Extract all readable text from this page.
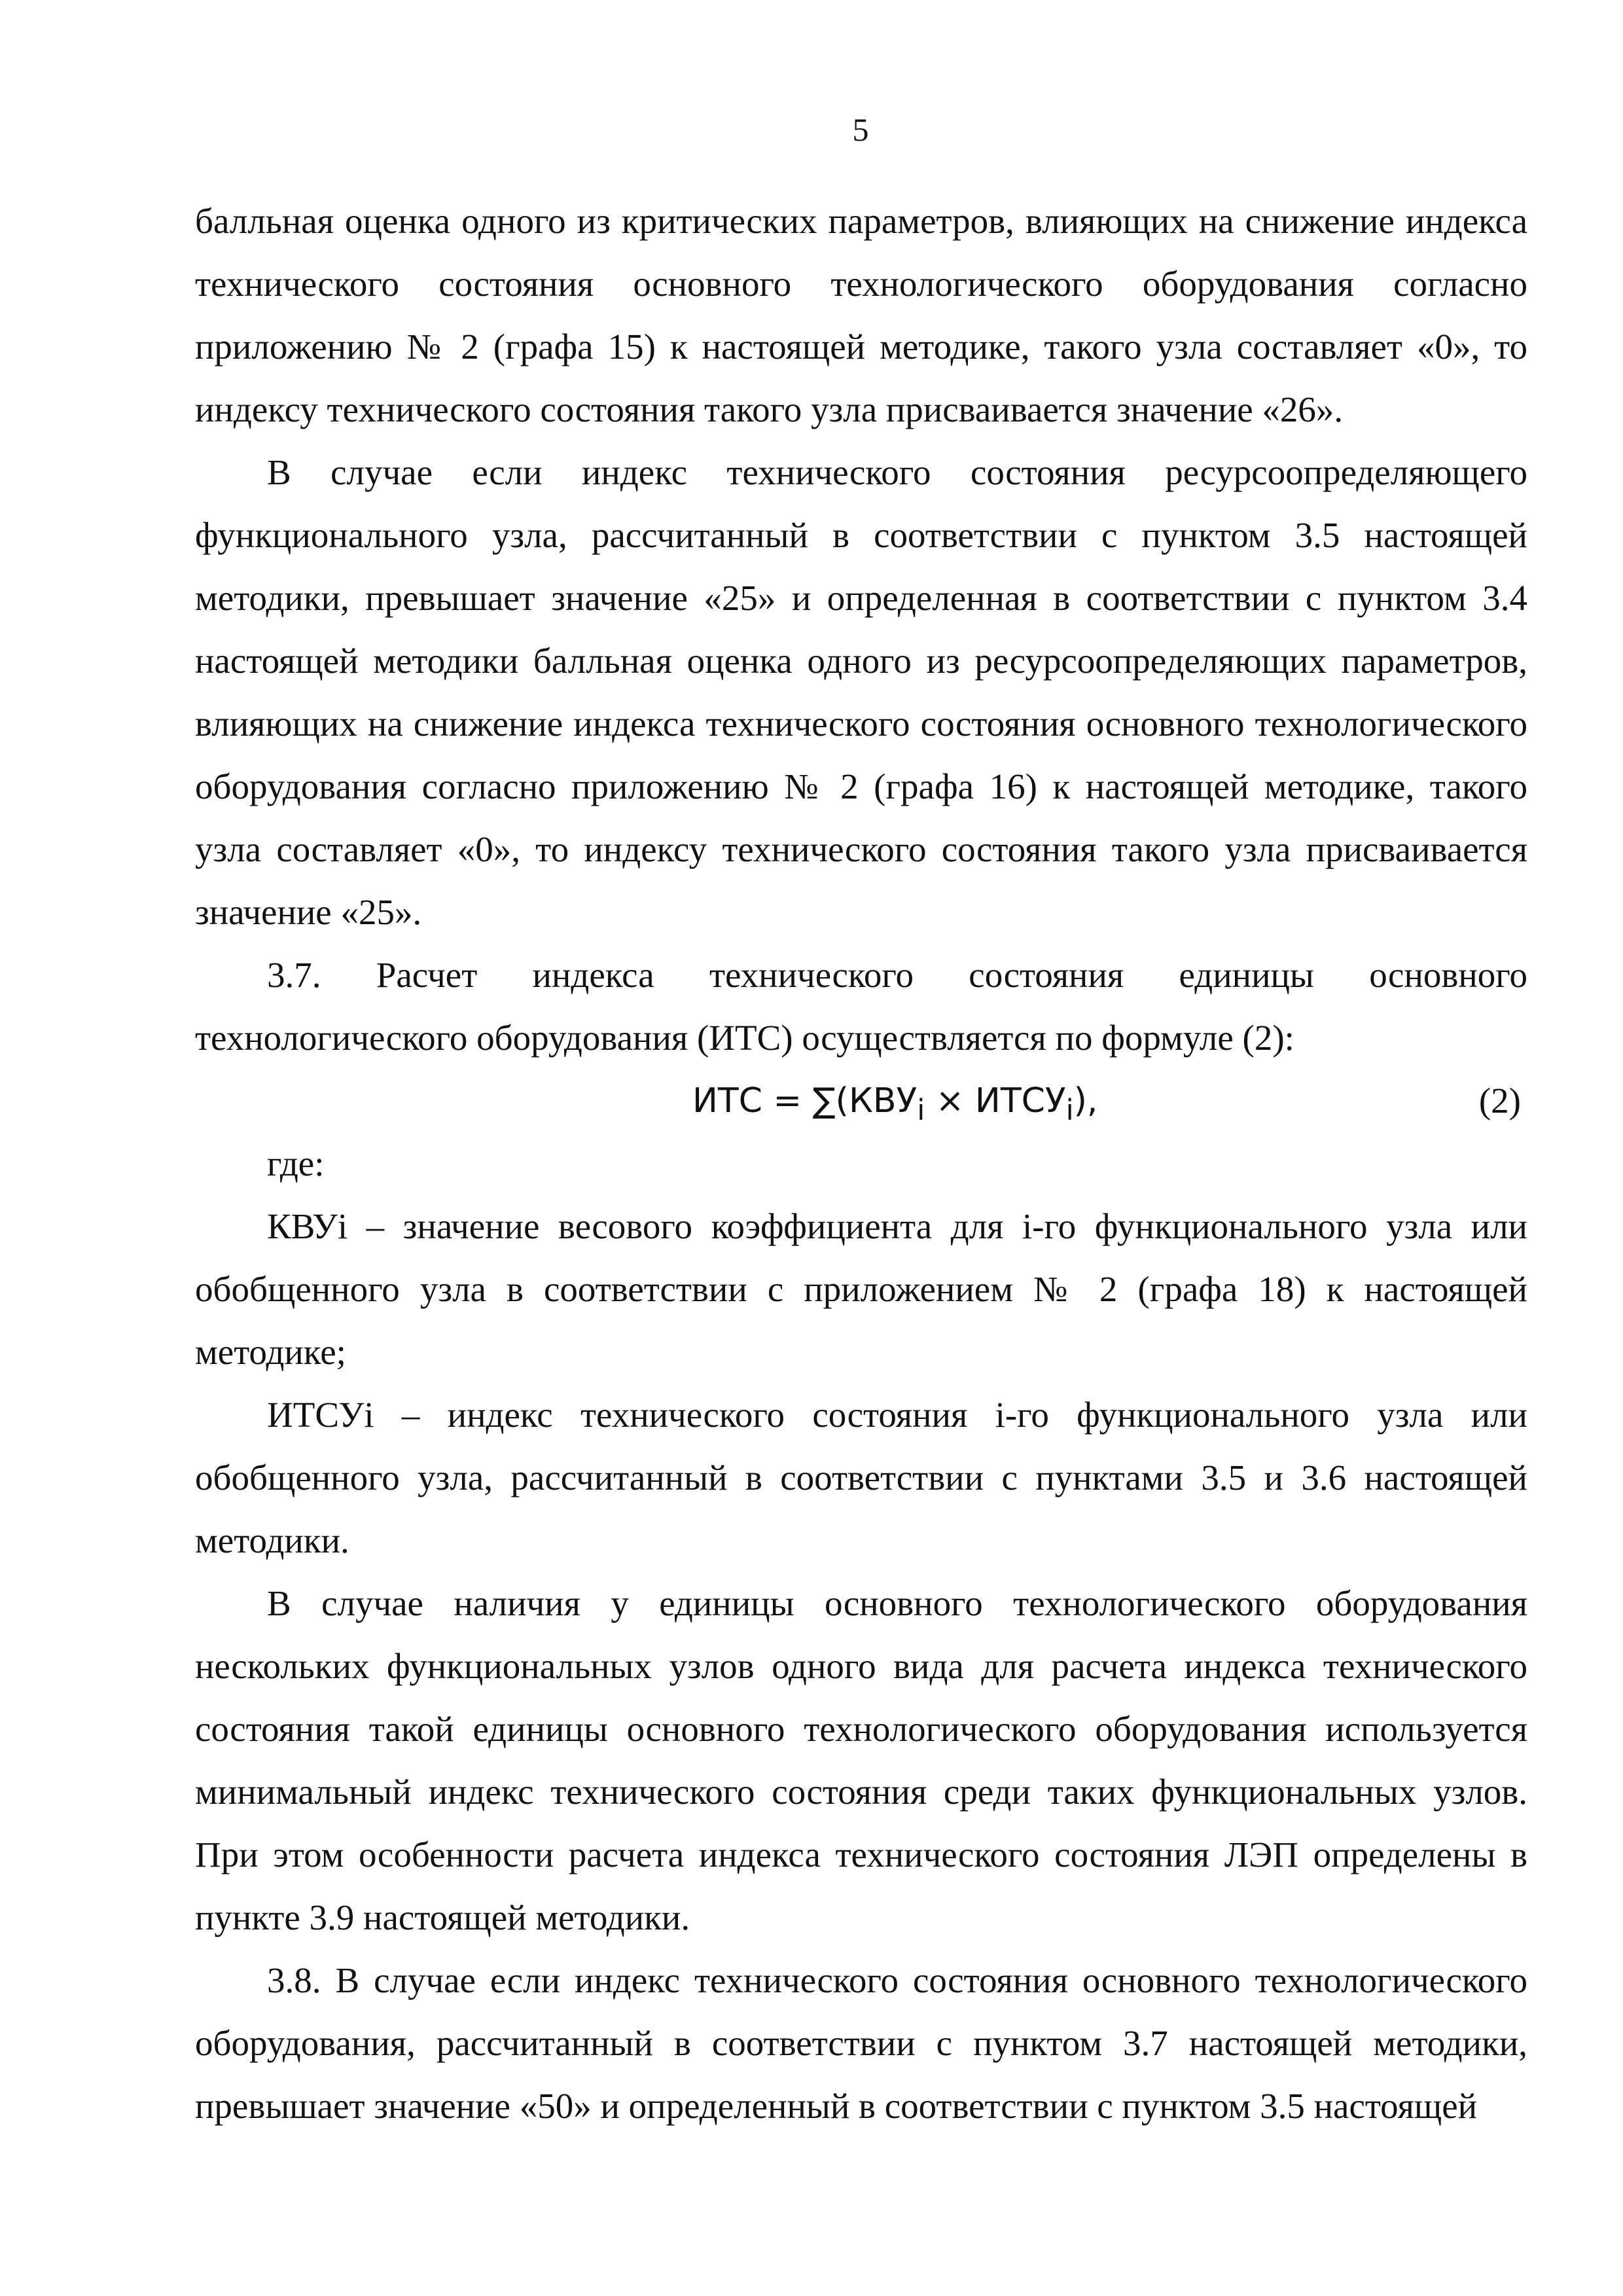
5

балльная оценка одного из критических параметров, влияющих на снижение индекса технического состояния основного технологического оборудования согласно приложению № 2 (графа 15) к настоящей методике, такого узла составляет «0», то индексу технического состояния такого узла присваивается значение «26».

В случае если индекс технического состояния ресурсоопределяющего функционального узла, рассчитанный в соответствии с пунктом 3.5 настоящей методики, превышает значение «25» и определенная в соответствии с пунктом 3.4 настоящей методики балльная оценка одного из ресурсоопределяющих параметров, влияющих на снижение индекса технического состояния основного технологического оборудования согласно приложению № 2 (графа 16) к настоящей методике, такого узла составляет «0», то индексу технического состояния такого узла присваивается значение «25».

3.7. Расчет индекса технического состояния единицы основного технологического оборудования (ИТС) осуществляется по формуле (2):

ИТС = $\sum(КВУ_i$ × $ИТСУ_i$),	(2)

где:

КВУi – значение весового коэффициента для i-го функционального узла или обобщенного узла в соответствии с приложением № 2 (графа 18) к настоящей методике;

ИТСУi – индекс технического состояния i-го функционального узла или обобщенного узла, рассчитанный в соответствии с пунктами 3.5 и 3.6 настоящей методики.

В случае наличия у единицы основного технологического оборудования нескольких функциональных узлов одного вида для расчета индекса технического состояния такой единицы основного технологического оборудования используется минимальный индекс технического состояния среди таких функциональных узлов. При этом особенности расчета индекса технического состояния ЛЭП определены в пункте 3.9 настоящей методики.

3.8. В случае если индекс технического состояния основного технологического оборудования, рассчитанный в соответствии с пунктом 3.7 настоящей методики, превышает значение «50» и определенный в соответствии с пунктом 3.5 настоящей
